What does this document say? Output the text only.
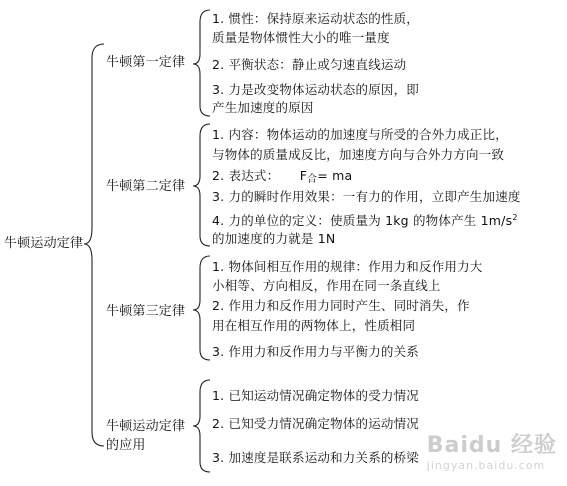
牛顿运动定律
牛顿第一定律
1. 惯性：保持原来运动状态的性质，
质量是物体惯性大小的唯一量度
2. 平衡状态：静止或匀速直线运动
3. 力是改变物体运动状态的原因，即
产生加速度的原因
牛顿第二定律
1. 内容：物体运动的加速度与所受的合外力成正比，
与物体的质量成反比，加速度方向与合外力方向一致
2. 表达式： $F_合=$ ma
3. 力的瞬时作用效果：一有力的作用，立即产生加速度
4. 力的单位的定义：使质量为 1kg 的物体产生 $1m/s^2$
的加速度的力就是 1N
牛顿第三定律
1. 物体间相互作用的规律：作用力和反作用力大
小相等、方向相反，作用在同一条直线上
2. 作用力和反作用力同时产生、同时消失，作
用在相互作用的两物体上，性质相同
3. 作用力和反作用力与平衡力的关系
牛顿运动定律
的应用
1. 已知运动情况确定物体的受力情况
2. 已知受力情况确定物体的运动情况
3. 加速度是联系运动和力关系的桥梁 Baidu 经验
jingyan.baidu.com
